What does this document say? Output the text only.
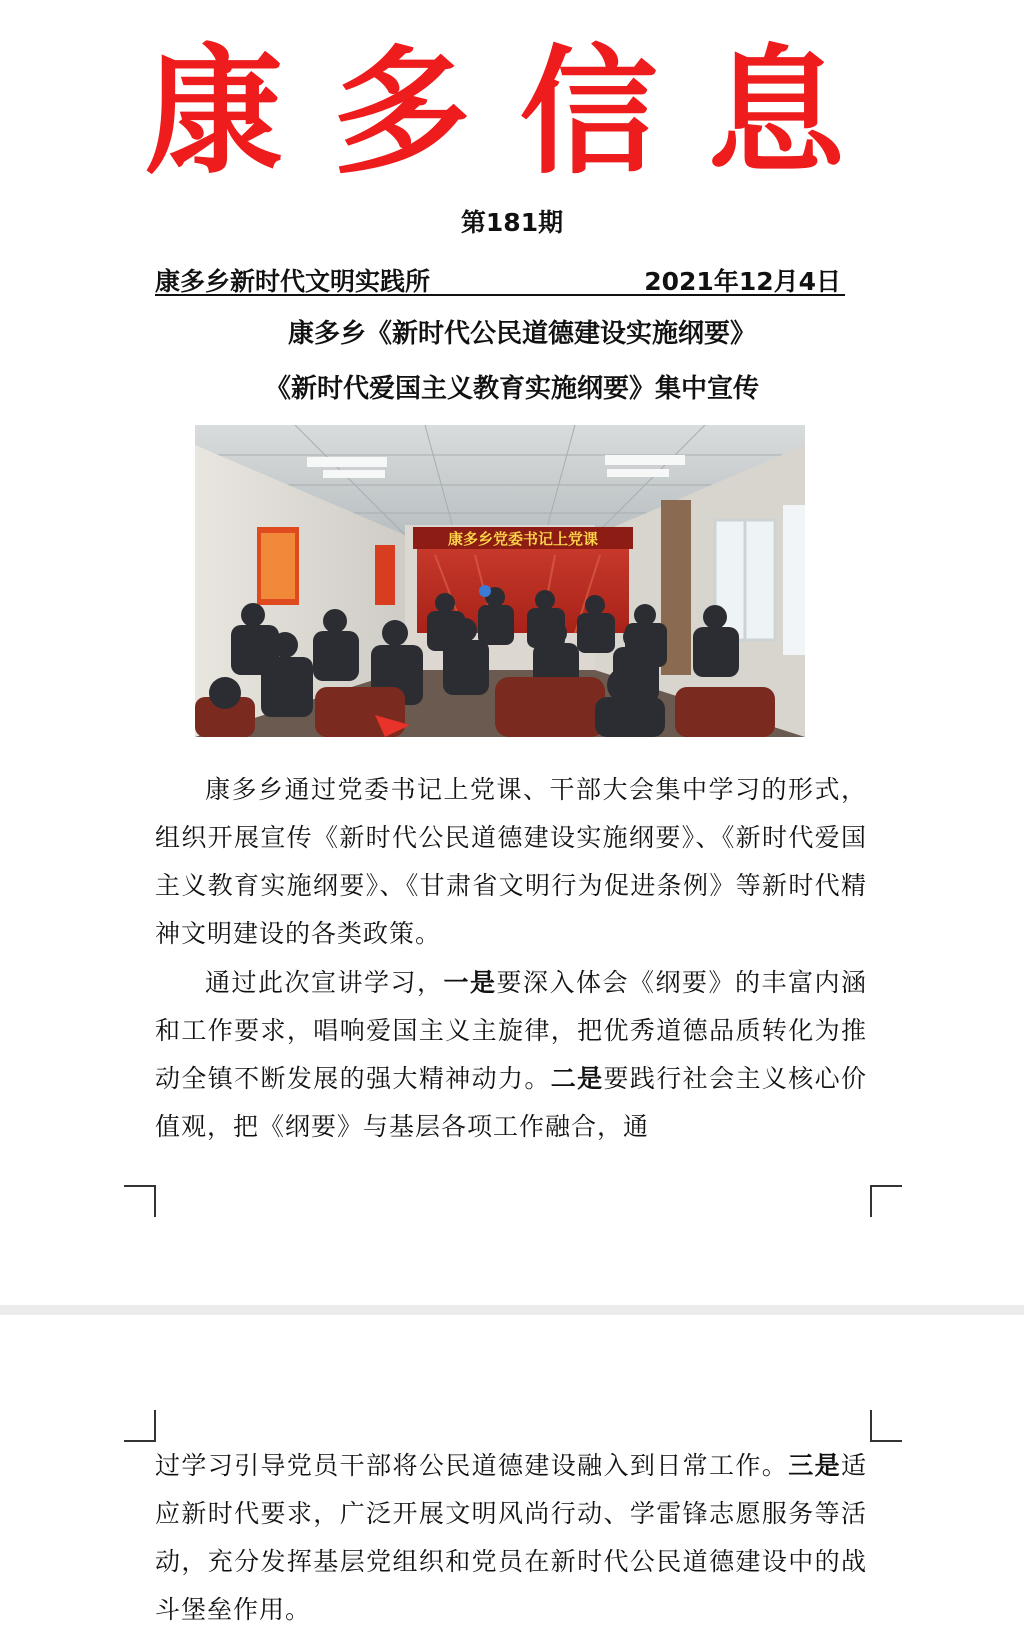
康 多 信 息
第181期
康多乡新时代文明实践所	2021年12月4日
康多乡《新时代公民道德建设实施纲要》
《新时代爱国主义教育实施纲要》集中宣传
康多乡党委书记上党课
康多乡通过党委书记上党课、干部大会集中学习的形式，组织开展宣传《新时代公民道德建设实施纲要》、《新时代爱国主义教育实施纲要》、《甘肃省文明行为促进条例》等新时代精神文明建设的各类政策。
通过此次宣讲学习，一是要深入体会《纲要》的丰富内涵和工作要求，唱响爱国主义主旋律，把优秀道德品质转化为推动全镇不断发展的强大精神动力。二是要践行社会主义核心价值观，把《纲要》与基层各项工作融合，通
过学习引导党员干部将公民道德建设融入到日常工作。三是适应新时代要求，广泛开展文明风尚行动、学雷锋志愿服务等活动，充分发挥基层党组织和党员在新时代公民道德建设中的战斗堡垒作用。
